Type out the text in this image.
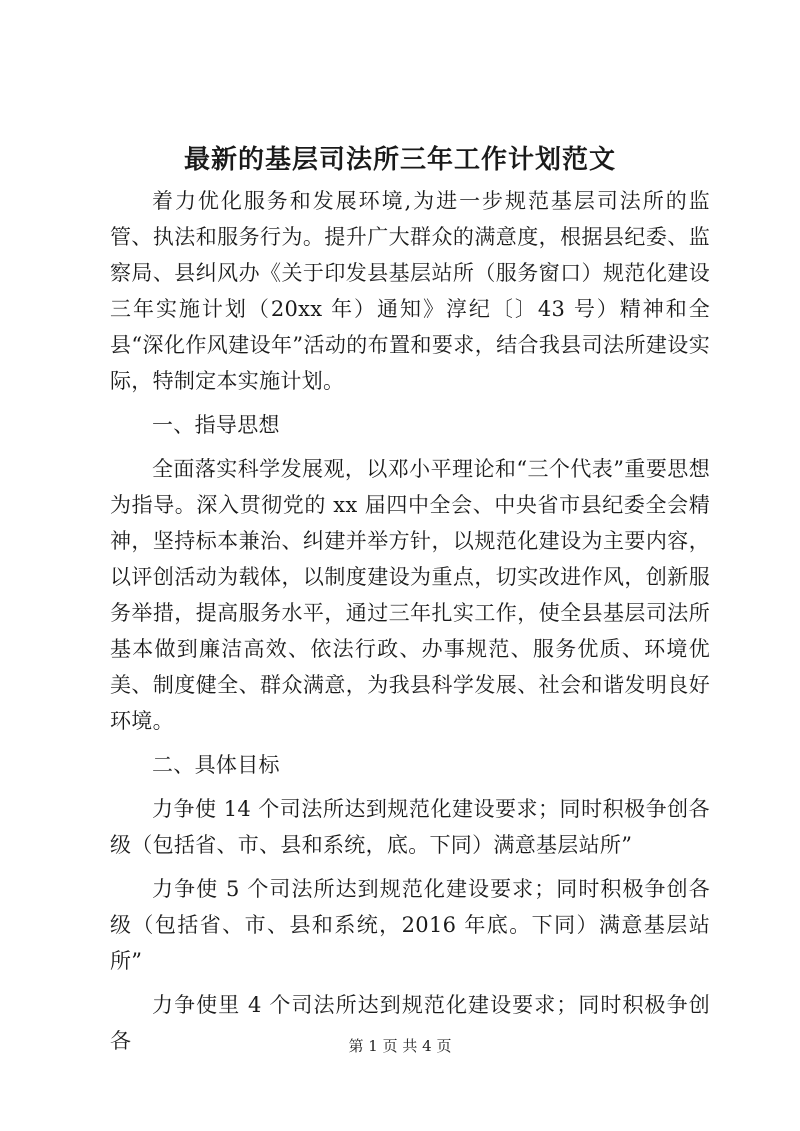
最新的基层司法所三年工作计划范文

着力优化服务和发展环境,为进一步规范基层司法所的监管、执法和服务行为。提升广大群众的满意度，根据县纪委、监察局、县纠风办《关于印发县基层站所（服务窗口）规范化建设三年实施计划（20xx 年）通知》淳纪〔〕43 号）精神和全县“深化作风建设年”活动的布置和要求，结合我县司法所建设实际，特制定本实施计划。

一、指导思想

全面落实科学发展观，以邓小平理论和“三个代表”重要思想为指导。深入贯彻党的 xx 届四中全会、中央省市县纪委全会精神，坚持标本兼治、纠建并举方针，以规范化建设为主要内容，以评创活动为载体，以制度建设为重点，切实改进作风，创新服务举措，提高服务水平，通过三年扎实工作，使全县基层司法所基本做到廉洁高效、依法行政、办事规范、服务优质、环境优美、制度健全、群众满意，为我县科学发展、社会和谐发明良好环境。

二、具体目标

力争使 14 个司法所达到规范化建设要求；同时积极争创各级（包括省、市、县和系统，底。下同）满意基层站所”

力争使 5 个司法所达到规范化建设要求；同时积极争创各级（包括省、市、县和系统，2016 年底。下同）满意基层站所”

力争使里 4 个司法所达到规范化建设要求；同时积极争创各	第 1 页 共 4 页
